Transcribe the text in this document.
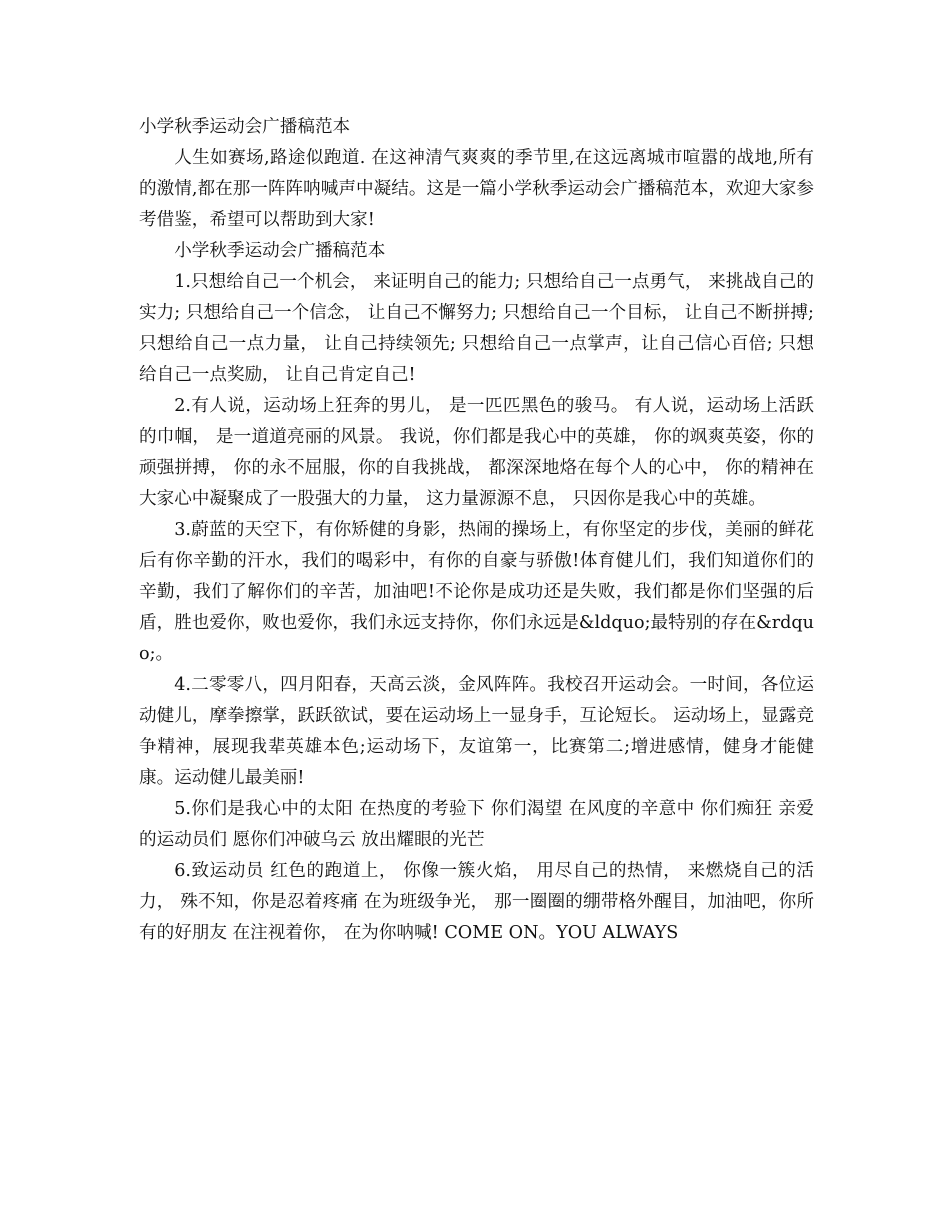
小学秋季运动会广播稿范本

人生如赛场,路途似跑道. 在这神清气爽爽的季节里,在这远离城市喧嚣的战地,所有的激情,都在那一阵阵呐喊声中凝结。这是一篇小学秋季运动会广播稿范本，欢迎大家参考借鉴，希望可以帮助到大家!

小学秋季运动会广播稿范本

1.只想给自己一个机会， 来证明自己的能力; 只想给自己一点勇气， 来挑战自己的实力; 只想给自己一个信念， 让自己不懈努力; 只想给自己一个目标， 让自己不断拼搏; 只想给自己一点力量， 让自己持续领先; 只想给自己一点掌声，让自己信心百倍; 只想给自己一点奖励， 让自己肯定自己!

2.有人说，运动场上狂奔的男儿， 是一匹匹黑色的骏马。 有人说，运动场上活跃的巾帼， 是一道道亮丽的风景。 我说，你们都是我心中的英雄， 你的飒爽英姿，你的顽强拼搏， 你的永不屈服，你的自我挑战， 都深深地烙在每个人的心中， 你的精神在大家心中凝聚成了一股强大的力量， 这力量源源不息， 只因你是我心中的英雄。

3.蔚蓝的天空下，有你矫健的身影，热闹的操场上，有你坚定的步伐，美丽的鲜花后有你辛勤的汗水，我们的喝彩中，有你的自豪与骄傲!体育健儿们，我们知道你们的辛勤，我们了解你们的辛苦，加油吧!不论你是成功还是失败，我们都是你们坚强的后盾，胜也爱你，败也爱你，我们永远支持你，你们永远是&ldquo;最特别的存在&rdquo;。

4.二零零八，四月阳春，天高云淡，金风阵阵。我校召开运动会。一时间，各位运动健儿，摩拳擦掌，跃跃欲试，要在运动场上一显身手，互论短长。 运动场上，显露竞争精神，展现我辈英雄本色;运动场下，友谊第一，比赛第二;增进感情，健身才能健康。运动健儿最美丽!

5.你们是我心中的太阳 在热度的考验下 你们渴望 在风度的辛意中 你们痴狂 亲爱的运动员们 愿你们冲破乌云 放出耀眼的光芒

6.致运动员 红色的跑道上， 你像一簇火焰， 用尽自己的热情， 来燃烧自己的活力， 殊不知，你是忍着疼痛 在为班级争光， 那一圈圈的绷带格外醒目，加油吧，你所有的好朋友 在注视着你， 在为你呐喊! COME ON。YOU ALWAYS
